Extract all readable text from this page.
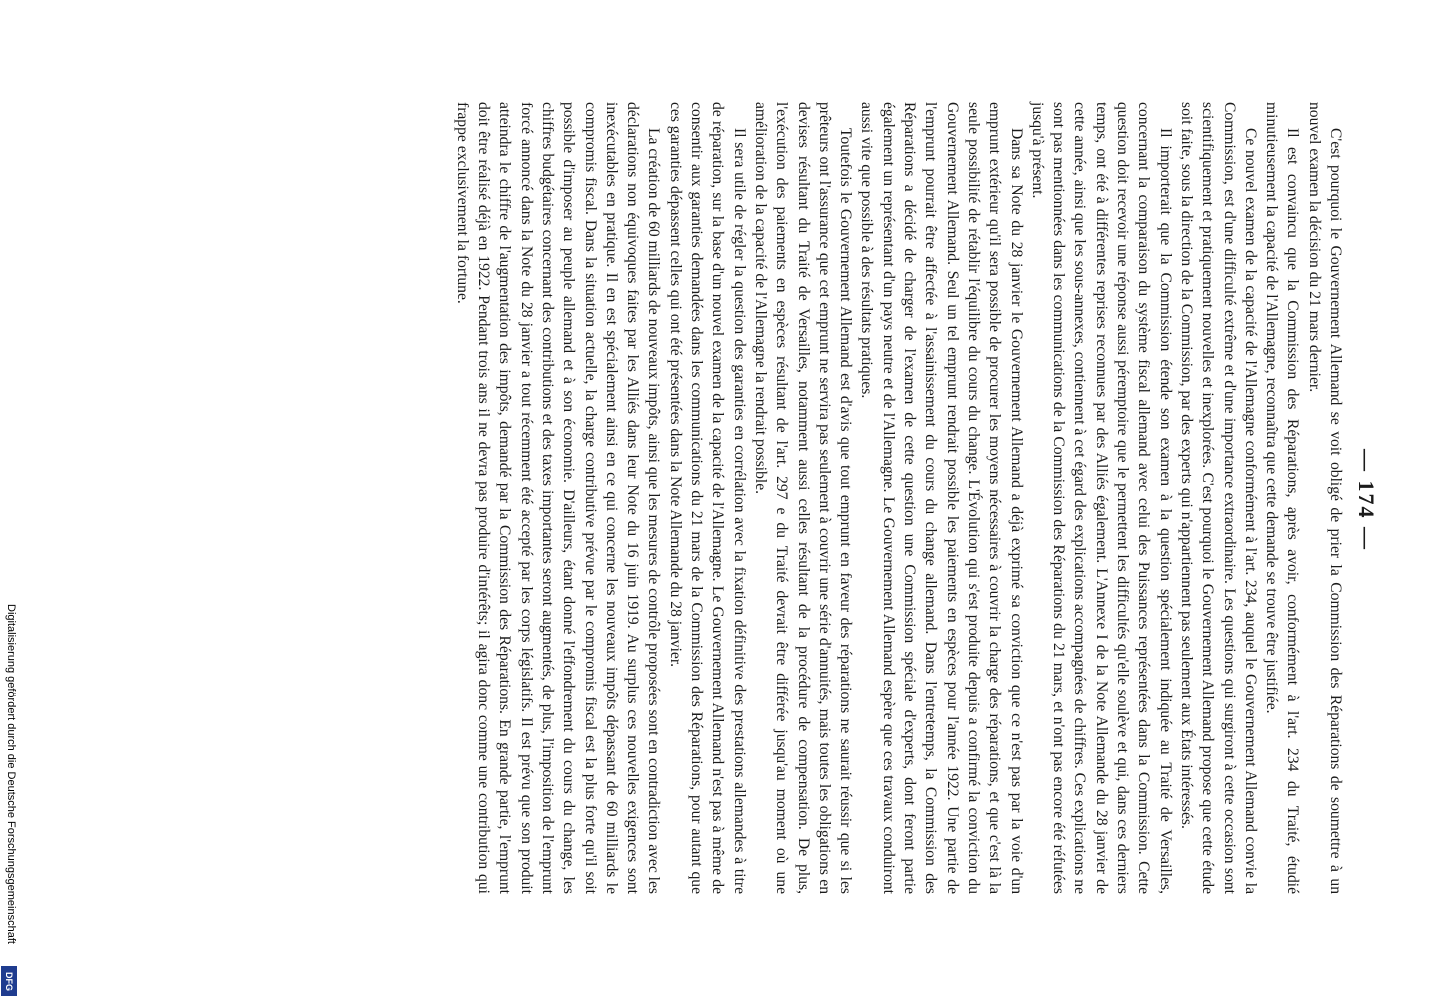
— 174 —

C'est pourquoi le Gouvernement Allemand se voit obligé de prier la Commission des Réparations de soumettre à un nouvel examen la décision du 21 mars dernier.

Il est convaincu que la Commission des Réparations, après avoir, conformément à l'art. 234 du Traité, étudié minutieusement la capacité de l'Allemagne, reconnaîtra que cette demande se trouve être justifiée.

Ce nouvel examen de la capacité de l'Allemagne conformément à l'art. 234, auquel le Gouvernement Allemand convie la Commission, est d'une difficulté extrême et d'une importance extraordinaire. Les questions qui surgiront à cette occasion sont scientifiquement et pratiquement nouvelles et inexplorées. C'est pourquoi le Gouvernement Allemand propose que cette étude soit faite, sous la direction de la Commission, par des experts qui n'appartiennent pas seulement aux États intéressés.

Il importerait que la Commission étende son examen à la question spécialement indiquée au Traité de Versailles, concernant la comparaison du système fiscal allemand avec celui des Puissances représentées dans la Commission. Cette question doit recevoir une réponse aussi péremptoire que le permettent les difficultés qu'elle soulève et qui, dans ces derniers temps, ont été à différentes reprises reconnues par des Alliés également. L'Annexe I de la Note Allemande du 28 janvier de cette année, ainsi que les sous-annexes, contiennent à cet égard des explications accompagnées de chiffres. Ces explications ne sont pas mentionnées dans les communications de la Commission des Réparations du 21 mars, et n'ont pas encore été réfutées jusqu'à présent.

Dans sa Note du 28 janvier le Gouvernement Allemand a déjà exprimé sa conviction que ce n'est pas par la voie d'un emprunt extérieur qu'il sera possible de procurer les moyens nécessaires à couvrir la charge des réparations, et que c'est là la seule possibilité de rétablir l'équilibre du cours du change. L'Évolution qui s'est produite depuis a confirmé la conviction du Gouvernement Allemand. Seul un tel emprunt rendrait possible les paiements en espèces pour l'année 1922. Une partie de l'emprunt pourrait être affectée à l'assainissement du cours du change allemand. Dans l'entretemps, la Commission des Réparations a décidé de charger de l'examen de cette question une Commission spéciale d'experts, dont feront partie également un représentant d'un pays neutre et de l'Allemagne. Le Gouvernement Allemand espère que ces travaux conduiront aussi vite que possible à des résultats pratiques.

Toutefois le Gouvernement Allemand est d'avis que tout emprunt en faveur des réparations ne saurait réussir que si les prêteurs ont l'assurance que cet emprunt ne servira pas seulement à couvrir une série d'annuités, mais toutes les obligations en devises résultant du Traité de Versailles, notamment aussi celles résultant de la procédure de compensation. De plus, l'exécution des paiements en espèces résultant de l'art. 297 e du Traité devrait être différée jusqu'au moment où une amélioration de la capacité de l'Allemagne la rendrait possible.

Il sera utile de régler la question des garanties en corrélation avec la fixation définitive des prestations allemandes à titre de réparation, sur la base d'un nouvel examen de la capacité de l'Allemagne. Le Gouvernement Allemand n'est pas à même de consentir aux garanties demandées dans les communications du 21 mars de la Commission des Réparations, pour autant que ces garanties dépassent celles qui ont été présentées dans la Note Allemande du 28 janvier.

La création de 60 milliards de nouveaux impôts, ainsi que les mesures de contrôle proposées sont en contradiction avec les déclarations non équivoques faites par les Alliés dans leur Note du 16 juin 1919. Au surplus ces nouvelles exigences sont inexécutables en pratique. Il en est spécialement ainsi en ce qui concerne les nouveaux impôts dépassant de 60 milliards le compromis fiscal. Dans la situation actuelle, la charge contributive prévue par le compromis fiscal est la plus forte qu'il soit possible d'imposer au peuple allemand et à son économie. D'ailleurs, étant donné l'effondrement du cours du change, les chiffres budgétaires concernant des contributions et des taxes importantes seront augmentés, de plus, l'imposition de l'emprunt forcé annoncé dans la Note du 28 janvier a tout récemment été accepté par les corps législatifs. Il est prévu que son produit atteindra le chiffre de l'augmentation des impôts, demandé par la Commission des Réparations. En grande partie, l'emprunt doit être réalisé déjà en 1922. Pendant trois ans il ne devra pas produire d'intérêts; il agira donc comme une contribution qui frappe exclusivement la fortune.

Digitalisierung gefördert durch die Deutsche Forschungsgemeinschaft
DFG
